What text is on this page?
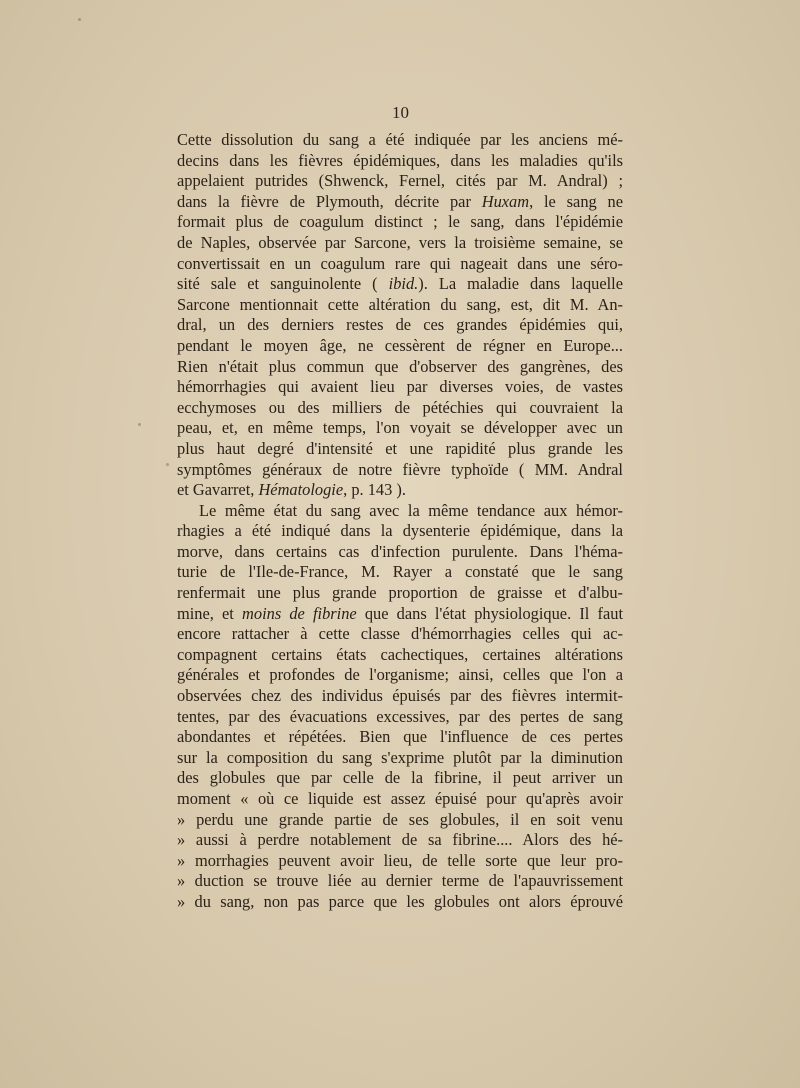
10
Cette dissolution du sang a été indiquée par les anciens mé-
decins dans les fièvres épidémiques, dans les maladies qu'ils
appelaient putrides (Shwenck, Fernel, cités par M. Andral) ;
dans la fièvre de Plymouth, décrite par Huxam, le sang ne
formait plus de coagulum distinct ; le sang, dans l'épidémie
de Naples, observée par Sarcone, vers la troisième semaine, se
convertissait en un coagulum rare qui nageait dans une séro-
sité sale et sanguinolente ( ibid.). La maladie dans laquelle
Sarcone mentionnait cette altération du sang, est, dit M. An-
dral, un des derniers restes de ces grandes épidémies qui,
pendant le moyen âge, ne cessèrent de régner en Europe...
Rien n'était plus commun que d'observer des gangrènes, des
hémorrhagies qui avaient lieu par diverses voies, de vastes
ecchymoses ou des milliers de pétéchies qui couvraient la
peau, et, en même temps, l'on voyait se développer avec un
plus haut degré d'intensité et une rapidité plus grande les
symptômes généraux de notre fièvre typhoïde ( MM. Andral
et Gavarret, Hématologie, p. 143 ).
Le même état du sang avec la même tendance aux hémor-
rhagies a été indiqué dans la dysenterie épidémique, dans la
morve, dans certains cas d'infection purulente. Dans l'héma-
turie de l'Ile-de-France, M. Rayer a constaté que le sang
renfermait une plus grande proportion de graisse et d'albu-
mine, et moins de fibrine que dans l'état physiologique. Il faut
encore rattacher à cette classe d'hémorrhagies celles qui ac-
compagnent certains états cachectiques, certaines altérations
générales et profondes de l'organisme; ainsi, celles que l'on a
observées chez des individus épuisés par des fièvres intermit-
tentes, par des évacuations excessives, par des pertes de sang
abondantes et répétées. Bien que l'influence de ces pertes
sur la composition du sang s'exprime plutôt par la diminution
des globules que par celle de la fibrine, il peut arriver un
moment « où ce liquide est assez épuisé pour qu'après avoir
» perdu une grande partie de ses globules, il en soit venu
» aussi à perdre notablement de sa fibrine.... Alors des hé-
» morrhagies peuvent avoir lieu, de telle sorte que leur pro-
» duction se trouve liée au dernier terme de l'apauvrissement
» du sang, non pas parce que les globules ont alors éprouvé
